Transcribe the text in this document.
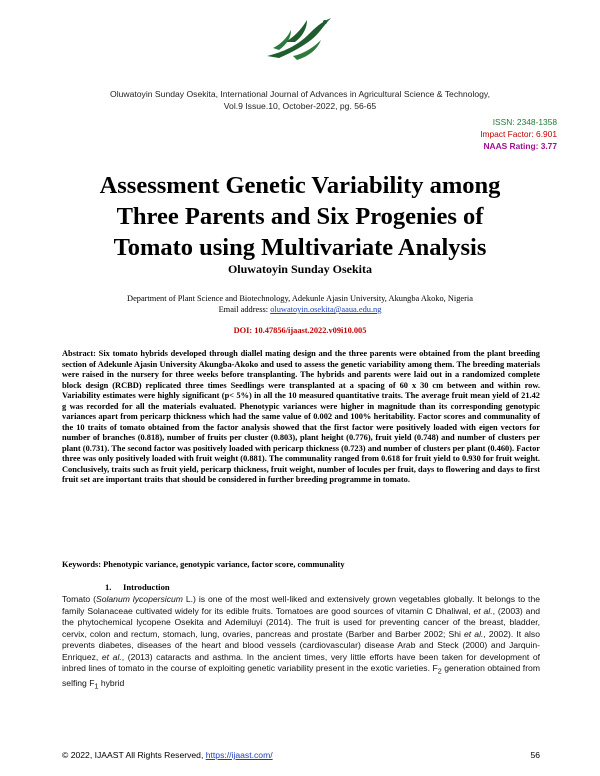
Oluwatoyin Sunday Osekita, International Journal of Advances in Agricultural Science & Technology,
Vol.9 Issue.10, October-2022, pg. 56-65
ISSN: 2348-1358
Impact Factor: 6.901
NAAS Rating: 3.77
Assessment Genetic Variability among
Three Parents and Six Progenies of
Tomato using Multivariate Analysis
Oluwatoyin Sunday Osekita
Department of Plant Science and Biotechnology, Adekunle Ajasin University, Akungba Akoko, Nigeria
Email address: oluwatoyin.osekita@aaua.edu.ng
DOI: 10.47856/ijaast.2022.v09i10.005
Abstract: Six tomato hybrids developed through diallel mating design and the three parents were obtained from the plant breeding section of Adekunle Ajasin University Akungba-Akoko and used to assess the genetic variability among them. The breeding materials were raised in the nursery for three weeks before transplanting. The hybrids and parents were laid out in a randomized complete block design (RCBD) replicated three times Seedlings were transplanted at a spacing of 60 x 30 cm between and within row. Variability estimates were highly significant (p< 5%) in all the 10 measured quantitative traits. The average fruit mean yield of 21.42 g was recorded for all the materials evaluated. Phenotypic variances were higher in magnitude than its corresponding genotypic variances apart from pericarp thickness which had the same value of 0.002 and 100% heritability. Factor scores and communality of the 10 traits of tomato obtained from the factor analysis showed that the first factor were positively loaded with eigen vectors for number of branches (0.818), number of fruits per cluster (0.803), plant height (0.776), fruit yield (0.748) and number of clusters per plant (0.731). The second factor was positively loaded with pericarp thickness (0.723) and number of clusters per plant (0.460). Factor three was only positively loaded with fruit weight (0.881). The communality ranged from 0.618 for fruit yield to 0.930 for fruit weight. Conclusively, traits such as fruit yield, pericarp thickness, fruit weight, number of locules per fruit, days to flowering and days to first fruit set are important traits that should be considered in further breeding programme in tomato.
Keywords: Phenotypic variance, genotypic variance, factor score, communality
1. Introduction
Tomato (Solanum lycopersicum L.) is one of the most well-liked and extensively grown vegetables globally. It belongs to the family Solanaceae cultivated widely for its edible fruits. Tomatoes are good sources of vitamin C Dhaliwal, et al., (2003) and the phytochemical lycopene Osekita and Ademiluyi (2014). The fruit is used for preventing cancer of the breast, bladder, cervix, colon and rectum, stomach, lung, ovaries, pancreas and prostate (Barber and Barber 2002; Shi et al., 2002). It also prevents diabetes, diseases of the heart and blood vessels (cardiovascular) disease Arab and Steck (2000) and Jarquin-Enriquez, et al., (2013) cataracts and asthma. In the ancient times, very little efforts have been taken for development of inbred lines of tomato in the course of exploiting genetic variability present in the exotic varieties. $F_2$ generation obtained from selfing $F_1$ hybrid
© 2022, IJAAST All Rights Reserved, https://ijaast.com/	56
